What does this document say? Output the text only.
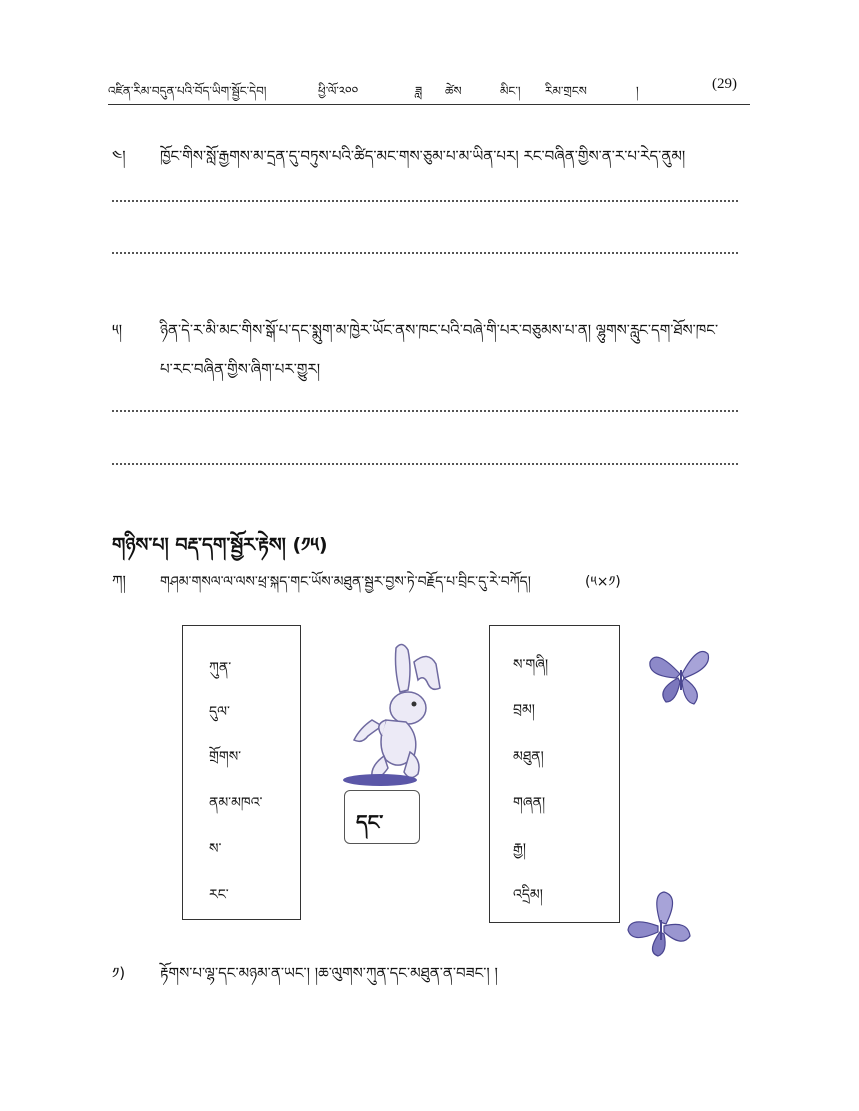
འཛིན་རིམ་བདུན་པའི་བོད་ཡིག་སྦྱོང་དེབ།	ཕྱི་ལོ་༢༠༠	ཟླ ཚེས	མིང་། རིམ་གྲངས	།	(29)
༤། ཁྱོང་གིས་སློ་རྒྱགས་མ་དྲན་དུ་བཏུས་པའི་ཚིད་མང་གས་ཅུམ་པ་མ་ཡིན་པར། རང་བཞིན་གྱིས་ན་ར་པ་རེད་ནུམ།
༥།	ཉིན་དེ་ར་མི་མང་གིས་སྒོ་པ་དང་སྨུག་མ་ཁྱེར་ཡོང་ནས་ཁང་པའི་བཞེ་གི་པར་བཅུམས་པ་ན། ལྷུགས་རླུང་དག་ཐོས་ཁང་
པ་རང་བཞིན་གྱིས་ཞིག་པར་གྱུར།
གཉིས་པ། བརྡ་དག་སྦྱོར་རྟེས། (༡༥)
ཀ། གཤམ་གསལ་ལ་ལས་ཕྲ་སྐད་གང་ཡོས་མཐུན་སྦྱར་བྱས་ཏེ་བརྗོད་པ་བྲིང་དུ་རེ་བཀོད།	(༥×༡)
ཀུན་
དུལ་
གྲོགས་
ནམ་མཁའ་
ས་
རང་
དང་
ས་གཞི།
བྲམ།
མཐུན།
གཞན།
རྒྱ།
འདྲིམ།
༡) རྟོགས་པ་ལྷ་དང་མཉམ་ན་ཡང་། །ཆ་ལུགས་ཀུན་དང་མཐུན་ན་བཟང་། །
